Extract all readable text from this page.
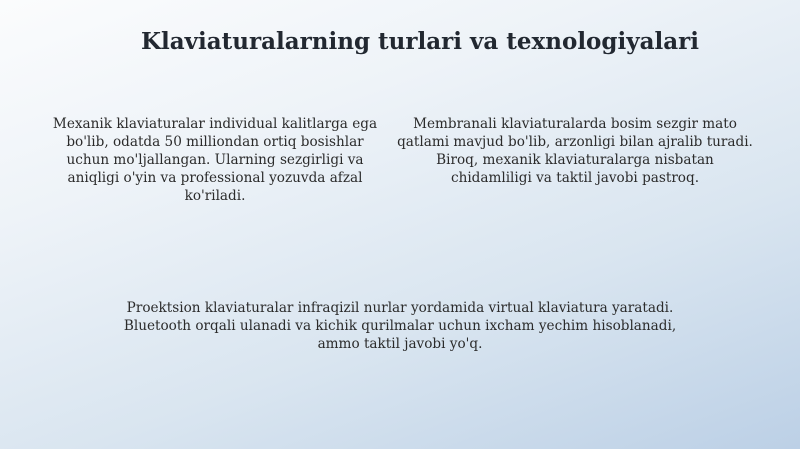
Klaviaturalarning turlari va texnologiyalari
Mexanik klaviaturalar individual kalitlarga ega bo'lib, odatda 50 milliondan ortiq bosishlar uchun mo'ljallangan. Ularning sezgirligi va aniqligi o'yin va professional yozuvda afzal ko'riladi.
Membranali klaviaturalarda bosim sezgir mato qatlami mavjud bo'lib, arzonligi bilan ajralib turadi. Biroq, mexanik klaviaturalarga nisbatan chidamliligi va taktil javobi pastroq.
Proektsion klaviaturalar infraqizil nurlar yordamida virtual klaviatura yaratadi. Bluetooth orqali ulanadi va kichik qurilmalar uchun ixcham yechim hisoblanadi, ammo taktil javobi yo'q.
